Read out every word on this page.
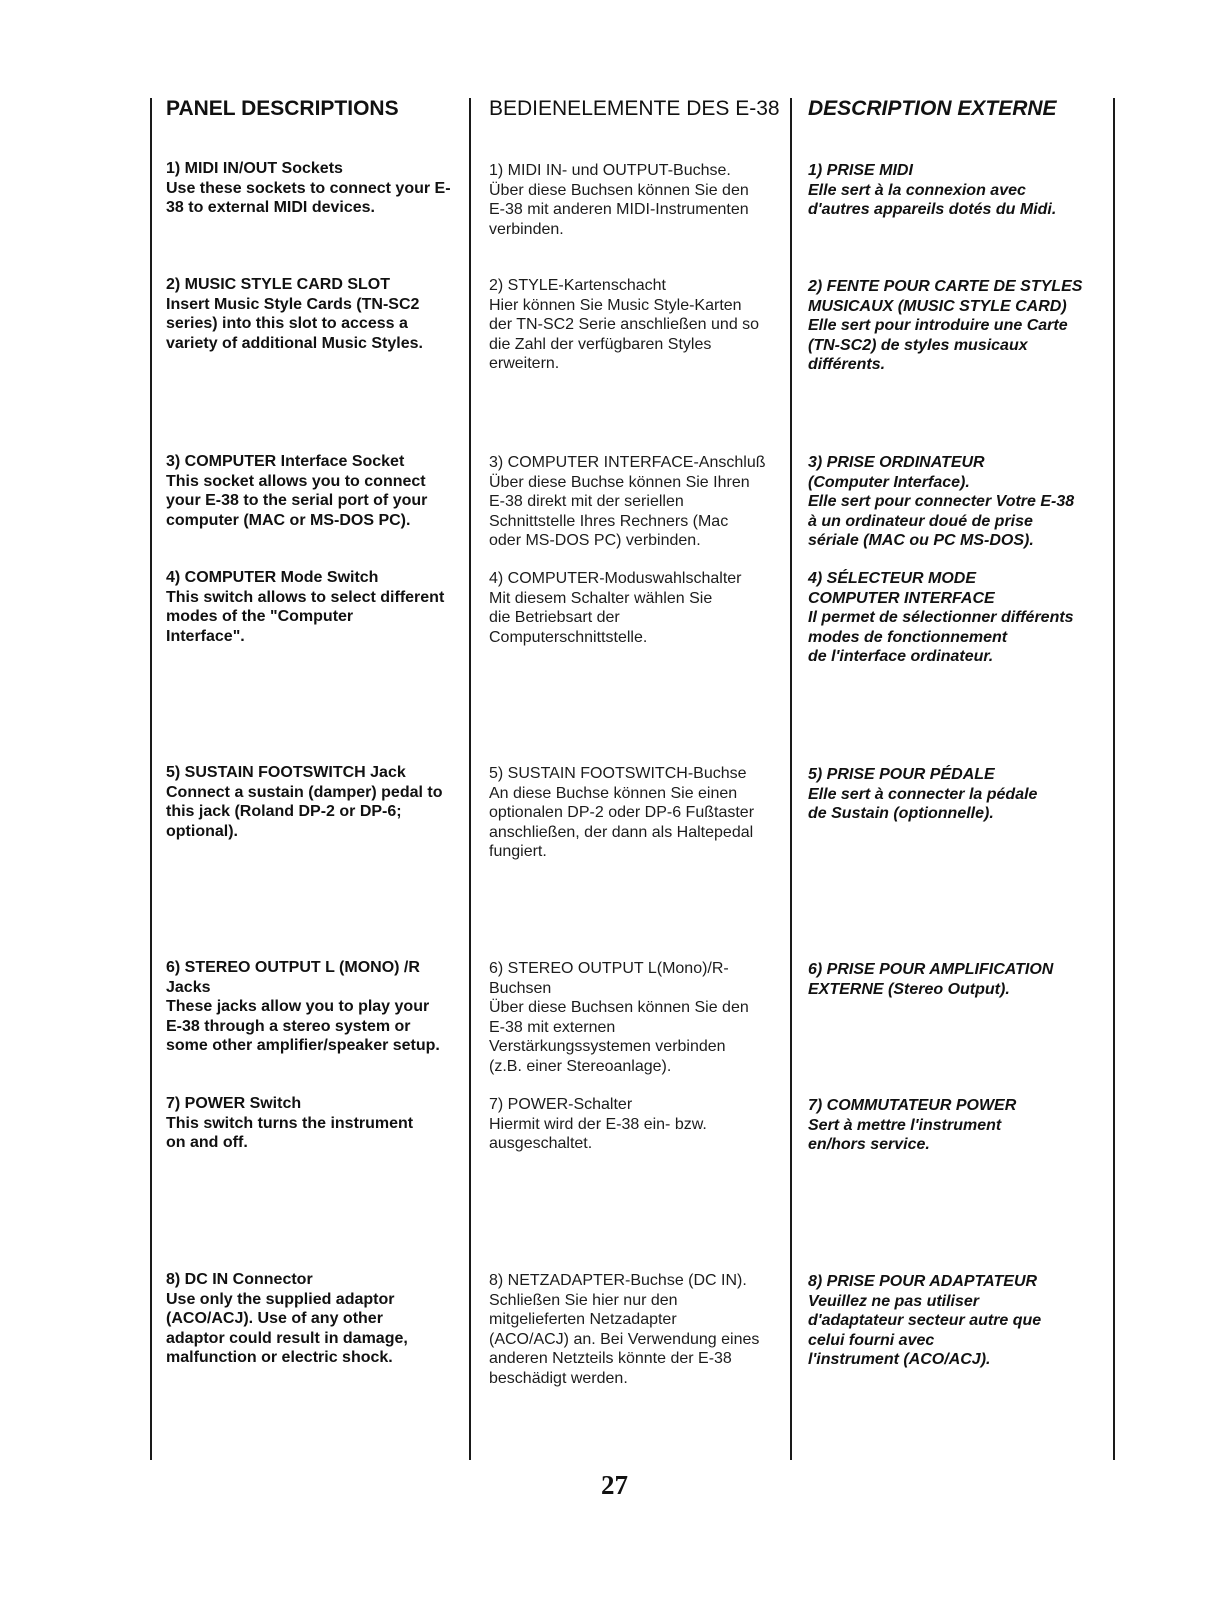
PANEL DESCRIPTIONS
1) MIDI IN/OUT Sockets
Use these sockets to connect your E-
38 to external MIDI devices.
2) MUSIC STYLE CARD SLOT
Insert Music Style Cards (TN-SC2
series) into this slot to access a
variety of additional Music Styles.
3) COMPUTER Interface Socket
This socket allows you to connect
your E-38 to the serial port of your
computer (MAC or MS-DOS PC).
4) COMPUTER Mode Switch
This switch allows to select different
modes of the "Computer
Interface".
5) SUSTAIN FOOTSWITCH Jack
Connect a sustain (damper) pedal to
this jack (Roland DP-2 or DP-6;
optional).
6) STEREO OUTPUT L (MONO) /R
Jacks
These jacks allow you to play your
E-38 through a stereo system or
some other amplifier/speaker setup.
7) POWER Switch
This switch turns the instrument
on and off.
8) DC IN Connector
Use only the supplied adaptor
(ACO/ACJ). Use of any other
adaptor could result in damage,
malfunction or electric shock.
BEDIENELEMENTE DES E-38
1) MIDI IN- und OUTPUT-Buchse.
Über diese Buchsen können Sie den
E-38 mit anderen MIDI-Instrumenten
verbinden.
2) STYLE-Kartenschacht
Hier können Sie Music Style-Karten
der TN-SC2 Serie anschließen und so
die Zahl der verfügbaren Styles
erweitern.
3) COMPUTER INTERFACE-Anschluß
Über diese Buchse können Sie Ihren
E-38 direkt mit der seriellen
Schnittstelle Ihres Rechners (Mac
oder MS-DOS PC) verbinden.
4) COMPUTER-Moduswahlschalter
Mit diesem Schalter wählen Sie
die Betriebsart der
Computerschnittstelle.
5) SUSTAIN FOOTSWITCH-Buchse
An diese Buchse können Sie einen
optionalen DP-2 oder DP-6 Fußtaster
anschließen, der dann als Haltepedal
fungiert.
6) STEREO OUTPUT L(Mono)/R-
Buchsen
Über diese Buchsen können Sie den
E-38 mit externen
Verstärkungssystemen verbinden
(z.B. einer Stereoanlage).
7) POWER-Schalter
Hiermit wird der E-38 ein- bzw.
ausgeschaltet.
8) NETZADAPTER-Buchse (DC IN).
Schließen Sie hier nur den
mitgelieferten Netzadapter
(ACO/ACJ) an. Bei Verwendung eines
anderen Netzteils könnte der E-38
beschädigt werden.
DESCRIPTION EXTERNE
1) PRISE MIDI
Elle sert à la connexion avec
d'autres appareils dotés du Midi.
2) FENTE POUR CARTE DE STYLES
MUSICAUX (MUSIC STYLE CARD)
Elle sert pour introduire une Carte
(TN-SC2) de styles musicaux
différents.
3) PRISE ORDINATEUR
(Computer Interface).
Elle sert pour connecter Votre E-38
à un ordinateur doué de prise
sériale (MAC ou PC MS-DOS).
4) SÉLECTEUR MODE
COMPUTER INTERFACE
Il permet de sélectionner différents
modes de fonctionnement
de l'interface ordinateur.
5) PRISE POUR PÉDALE
Elle sert à connecter la pédale
de Sustain (optionnelle).
6) PRISE POUR AMPLIFICATION
EXTERNE (Stereo Output).
7) COMMUTATEUR POWER
Sert à mettre l'instrument
en/hors service.
8) PRISE POUR ADAPTATEUR
Veuillez ne pas utiliser
d'adaptateur secteur autre que
celui fourni avec
l'instrument (ACO/ACJ).
27
